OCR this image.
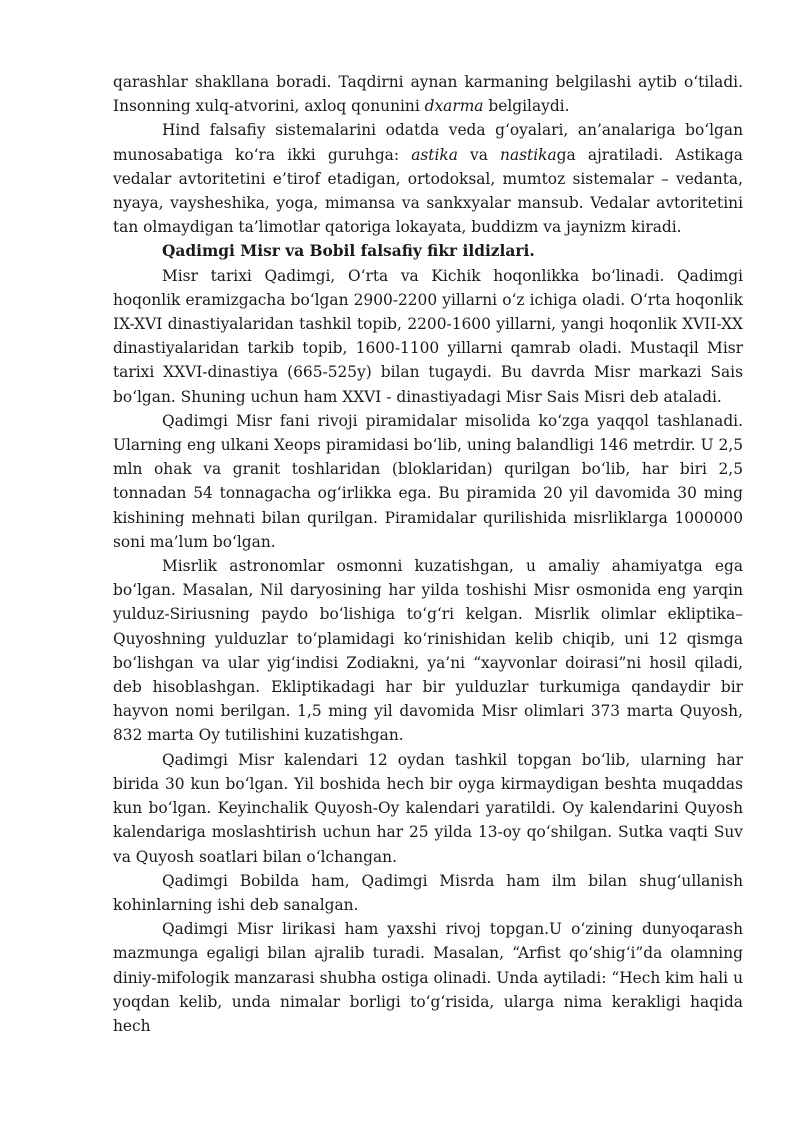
qarashlar shakllana boradi. Taqdirni aynan karmaning belgilashi aytib o‘tiladi. Insonning xulq-atvorini, axloq qonunini dxarma belgilaydi.

Hind falsafiy sistemalarini odatda veda g‘oyalari, an’analariga bo‘lgan munosabatiga ko‘ra ikki guruhga: astika va nastikaga ajratiladi. Astikaga vedalar avtoritetini e’tirof etadigan, ortodoksal, mumtoz sistemalar – vedanta, nyaya, vaysheshika, yoga, mimansa va sankxyalar mansub. Vedalar avtoritetini tan olmaydigan ta’limotlar qatoriga lokayata, buddizm va jaynizm kiradi.

Qadimgi Misr va Bobil falsafiy fikr ildizlari.

Misr tarixi Qadimgi, O‘rta va Kichik hoqonlikka bo‘linadi. Qadimgi hoqonlik eramizgacha bo‘lgan 2900-2200 yillarni o‘z ichiga oladi. O‘rta hoqonlik IX-XVI dinastiyalaridan tashkil topib, 2200-1600 yillarni, yangi hoqonlik XVII-XX dinastiyalaridan tarkib topib, 1600-1100 yillarni qamrab oladi. Mustaqil Misr tarixi XXVI-dinastiya (665-525y) bilan tugaydi. Bu davrda Misr markazi Sais bo‘lgan. Shuning uchun ham XXVI - dinastiyadagi Misr Sais Misri deb ataladi.

Qadimgi Misr fani rivoji piramidalar misolida ko‘zga yaqqol tashlanadi. Ularning eng ulkani Xeops piramidasi bo‘lib, uning balandligi 146 metrdir. U 2,5 mln ohak va granit toshlaridan (bloklaridan) qurilgan bo‘lib, har biri 2,5 tonnadan 54 tonnagacha og‘irlikka ega. Bu piramida 20 yil davomida 30 ming kishining mehnati bilan qurilgan. Piramidalar qurilishida misrliklarga 1000000 soni ma’lum bo‘lgan.

Misrlik astronomlar osmonni kuzatishgan, u amaliy ahamiyatga ega bo‘lgan. Masalan, Nil daryosining har yilda toshishi Misr osmonida eng yarqin yulduz-Siriusning paydo bo‘lishiga to‘g‘ri kelgan. Misrlik olimlar ekliptika–Quyoshning yulduzlar to‘plamidagi ko‘rinishidan kelib chiqib, uni 12 qismga bo‘lishgan va ular yig‘indisi Zodiakni, ya’ni “xayvonlar doirasi”ni hosil qiladi, deb hisoblashgan. Ekliptikadagi har bir yulduzlar turkumiga qandaydir bir hayvon nomi berilgan. 1,5 ming yil davomida Misr olimlari 373 marta Quyosh, 832 marta Oy tutilishini kuzatishgan.

Qadimgi Misr kalendari 12 oydan tashkil topgan bo‘lib, ularning har birida 30 kun bo‘lgan. Yil boshida hech bir oyga kirmaydigan beshta muqaddas kun bo‘lgan. Keyinchalik Quyosh-Oy kalendari yaratildi. Oy kalendarini Quyosh kalendariga moslashtirish uchun har 25 yilda 13-oy qo‘shilgan. Sutka vaqti Suv va Quyosh soatlari bilan o‘lchangan.

Qadimgi Bobilda ham, Qadimgi Misrda ham ilm bilan shug‘ullanish kohinlarning ishi deb sanalgan.

Qadimgi Misr lirikasi ham yaxshi rivoj topgan.U o‘zining dunyoqarash mazmunga egaligi bilan ajralib turadi. Masalan, “Arfist qo‘shig‘i”da olamning diniy-mifologik manzarasi shubha ostiga olinadi. Unda aytiladi: “Hech kim hali u yoqdan kelib, unda nimalar borligi to‘g‘risida, ularga nima kerakligi haqida hech
